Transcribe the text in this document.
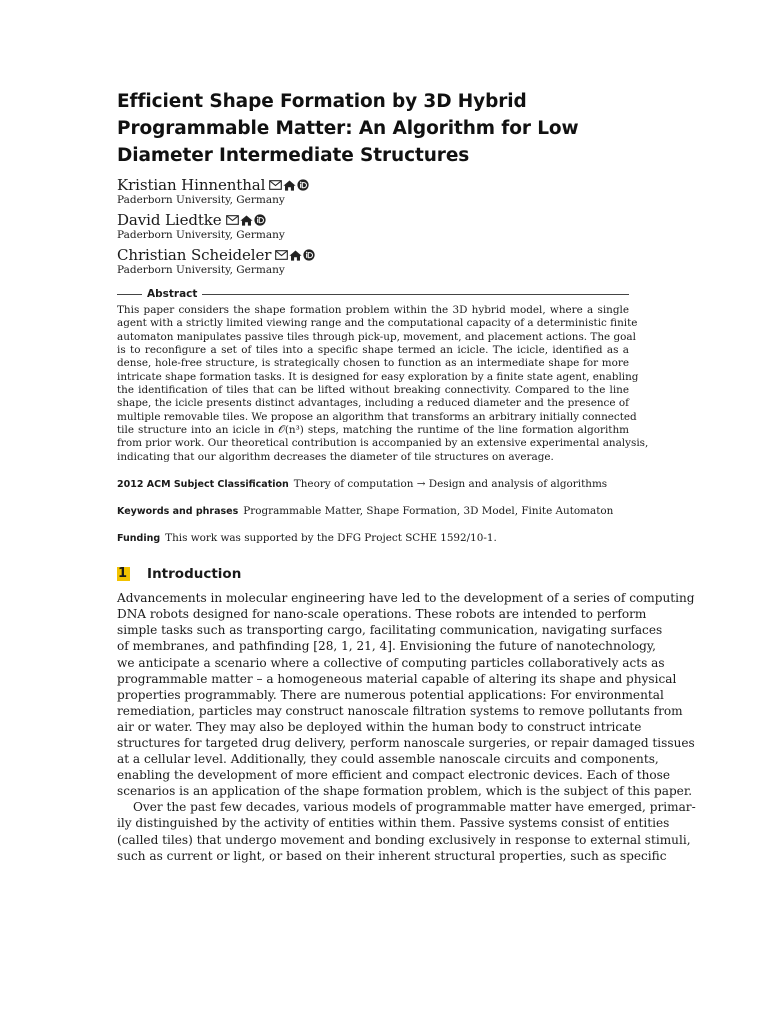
Efficient Shape Formation by 3D Hybrid
Programmable Matter: An Algorithm for Low
Diameter Intermediate Structures
Kristian Hinnenthal
Paderborn University, Germany
David Liedtke
Paderborn University, Germany
Christian Scheideler
Paderborn University, Germany
Abstract

This paper considers the shape formation problem within the 3D hybrid model, where a single
agent with a strictly limited viewing range and the computational capacity of a deterministic finite
automaton manipulates passive tiles through pick-up, movement, and placement actions. The goal
is to reconfigure a set of tiles into a specific shape termed an icicle. The icicle, identified as a
dense, hole-free structure, is strategically chosen to function as an intermediate shape for more
intricate shape formation tasks. It is designed for easy exploration by a finite state agent, enabling
the identification of tiles that can be lifted without breaking connectivity. Compared to the line
shape, the icicle presents distinct advantages, including a reduced diameter and the presence of
multiple removable tiles. We propose an algorithm that transforms an arbitrary initially connected
tile structure into an icicle in 𝒪(n³) steps, matching the runtime of the line formation algorithm
from prior work. Our theoretical contribution is accompanied by an extensive experimental analysis,
indicating that our algorithm decreases the diameter of tile structures on average.

2012 ACM Subject Classification Theory of computation → Design and analysis of algorithms

Keywords and phrases Programmable Matter, Shape Formation, 3D Model, Finite Automaton

Funding This work was supported by the DFG Project SCHE 1592/10-1.

1 Introduction

Advancements in molecular engineering have led to the development of a series of computing
DNA robots designed for nano-scale operations. These robots are intended to perform
simple tasks such as transporting cargo, facilitating communication, navigating surfaces
of membranes, and pathfinding [28, 1, 21, 4]. Envisioning the future of nanotechnology,
we anticipate a scenario where a collective of computing particles collaboratively acts as
programmable matter – a homogeneous material capable of altering its shape and physical
properties programmably. There are numerous potential applications: For environmental
remediation, particles may construct nanoscale filtration systems to remove pollutants from
air or water. They may also be deployed within the human body to construct intricate
structures for targeted drug delivery, perform nanoscale surgeries, or repair damaged tissues
at a cellular level. Additionally, they could assemble nanoscale circuits and components,
enabling the development of more efficient and compact electronic devices. Each of those
scenarios is an application of the shape formation problem, which is the subject of this paper.

Over the past few decades, various models of programmable matter have emerged, primar-
ily distinguished by the activity of entities within them. Passive systems consist of entities
(called tiles) that undergo movement and bonding exclusively in response to external stimuli,
such as current or light, or based on their inherent structural properties, such as specific
